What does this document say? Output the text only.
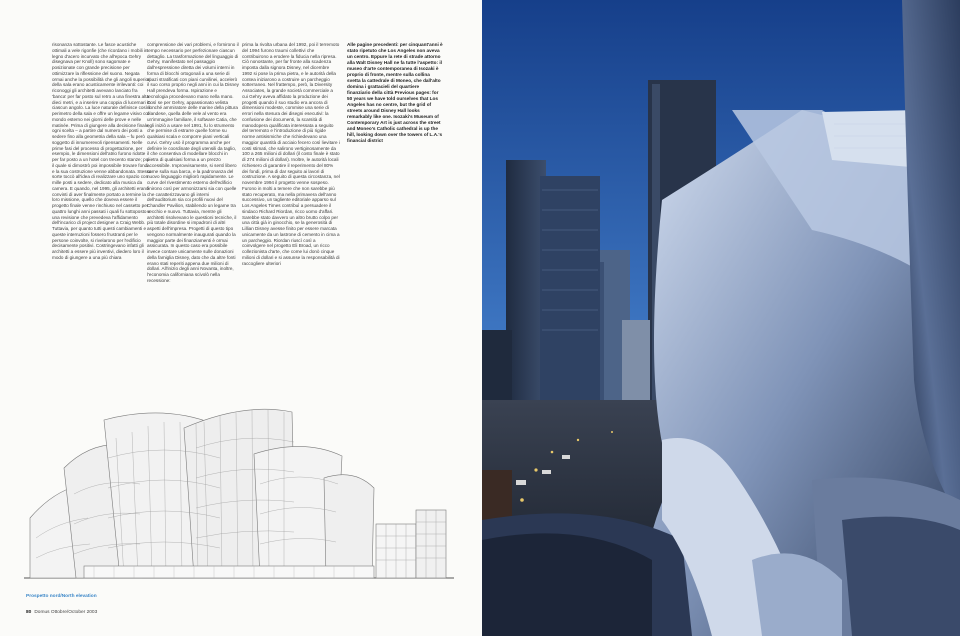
risonanza sottostante. Le fasce acustiche ottimali a vele rigonfie (che ricordano i mobili in legno d'acero incurvato che all'epoca Gehry disegnava per Knoll) sono sagomate e posizionate con grande precisione per ottimizzare la riflessione del suono. Negata ormai anche la possibilità che gli angoli superiori della sala erano acusticamente irrilevanti: coi riconoggi gli architetti avevano lanciato fra 'banca' per far posto sul retro a una finestra alta dieci metri, e a inserire una coppia di lucernari in ciascun angolo. La luce naturale definisce così il perimetro della sala e offre un legame visivo col mondo esterno nei giorni delle prove e nelle matinée. Prima di giungere alla decisione finale, ogni scelta – a partire dal numero dei posti a sedere fino alla geometria della sala – fu però soggetto di innumerevoli ripensamenti. Nelle prime fasi del processo di progettazione, per esempio, le dimensioni dell'atrio furono ridotte per far posto a un hotel con trecento stanze; poi il quale si dimostrò poi impossibile trovare fondi e la sua costruzione venne abbandonata. Stessa sorte toccò all'idea di realizzare uno spazio con mille posti a sedere, dedicato alla musica da camera. E quando, nel 1995, gli architetti erano convinti di aver finalmente portato a termine la loro missione, quello che doveva essere il progetto finale venne rinchiuso nel cassetto per quattro lunghi anni passati i quali fu sottoposto a una revisione che prevedeva l'affidamento dell'incarico di project designer a Craig Webb. Tuttavia, per quanto tutti questi cambiamenti e queste interruzioni fossero frustranti per le persone coinvolte, si rivelarono per l'edificio decisamente positivi. Costringevano infatti gli architetti a essere più inventivi, diedero loro il modo di giungere a una più chiara
comprensione dei vari problemi, e fornirono il tempo necessario per perfezionare ciascun dettaglio. La trasformazione del linguaggio di Gehry, manifestato nel passaggio dall'espressione diretta dei volumi interni in forma di blocchi ortogonali a una serie di spazi stratificati con piani curvilinei, accelerò il suo corso proprio negli anni in cui la Disney Hall prendeva forma. Ispirazione e tecnologia procedevano mano nella mano. Così se per Gehry, appassionato velista nonché ammiratore delle marine della pittura olandese, quella delle vele al vento era un'immagine familiare, il software Catia, che egli iniziò a usare nel 1991, fu lo strumento che permise di estrarre quelle forme su qualsiasi scala e comporre piani verticali curvi. Gehry usò il programma anche per definire le coordinate degli utensili da taglio, il che consentiva di modellare blocchi in pietra di qualsiasi forma a un prezzo accessibile. Improvvisamente, si sentì libero come sulla sua barca, e la padronanza del nuovo linguaggio migliorò rapidamente. Le curve del rivestimento esterno dell'edificio finirono così per armonizzarsi sia con quelle che caratterizzavano gli interni dell'auditorium sia coi profili nuovi del Chandler Pavilion, stabilendo un legame tra vecchio e nuovo. Tuttavia, mentre gli architetti risolvevano le questioni tecniche, il più totale disordine si impadronì di altri aspetti dell'impresa. Progetti di questo tipo vengono normalmente inaugurati quando la maggior parte dei finanziamenti è ormai assicurata. In questo caso era possibile invece contare unicamente sulle donazioni della famiglia Disney, dato che da altre fonti erano stati reperiti appena due milioni di dollari. All'inizio degli anni Novanta, inoltre, l'economia californiana scivolò nella recessione:
prima la rivolta urbana del 1992, poi il terremoto del 1994 furono traumi collettivi che contribuirono a erodere la fiducia nella ripresa. Ciò nonostante, per far fronte alla scadenza imposta dalla signora Disney, nel dicembre 1992 si pose la prima pietra, e le autorità della contea iniziarono a costruire un parcheggio sotterraneo. Nel frattempo, però, la Diversity Associates, la grande società commerciale a cui Gehry aveva affidato la produzione dei progetti quando il suo studio era ancora di dimensioni modeste, commise una serie di errori nella stesura dei disegni esecutivi: la confusione dei documenti, la scarsità di manodopera qualificata interessata a seguito del terremoto e l'introduzione di più rigide norme antisismiche che richiedevano una maggior quantità di acciaio fecero così lievitare i costi stimati, che salirono vertiginosamente da 100 a 265 milioni di dollari (il costo finale è stato di 274 milioni di dollari). Inoltre, le autorità locali richiesero di garantire il reperimento del 80% dei fondi, prima di dar seguito ai lavori di costruzione. A seguito di questa circostanza, nel novembre 1994 il progetto venne sospeso. Furono in molti a temere che non sarebbe più stato recuperato, ma nella primavera dell'anno successivo, un tagliente editoriale apparso sul Los Angeles Times contribuì a persuadere il sindaco Richard Riordan, ricco uomo d'affari. Sarebbe stato davvero un altro brutto colpo per una città già in ginocchio, se la generosità di Lillian Disney avesse finito per essere marcata unicamente da un lastrone di cemento in cima a un parcheggio. Riordan riuscì così a coinvolgere nel progetto Eli Broad, un ricco collezionista d'arte, che come lui donò cinque milioni di dollari e si assunse la responsabilità di raccogliere ulteriori
Alle pagine precedenti: per cinquant'anni è stato ripetuto che Los Angeles non aveva un centro. Eppure la rete di strade attorno alla Walt Disney Hall ne fa tutte l'aspetto: il museo d'arte contemporanea di Isozaki è proprio di fronte, mentre sulla collina svetta la cattedrale di Moneo, che dall'alto domina i grattacieli del quartiere finanziario della città Previous pages: for 50 years we have told ourselves that Los Angeles has no centre, but the grid of streets around Disney Hall looks remarkably like one. Isozaki's Museum of Contemporary Art is just across the street and Moneo's Catholic cathedral is up the hill, looking down over the towers of L.A.'s financial district
Prospetto nord/North elevation
80 Domus Ottobre/October 2003
